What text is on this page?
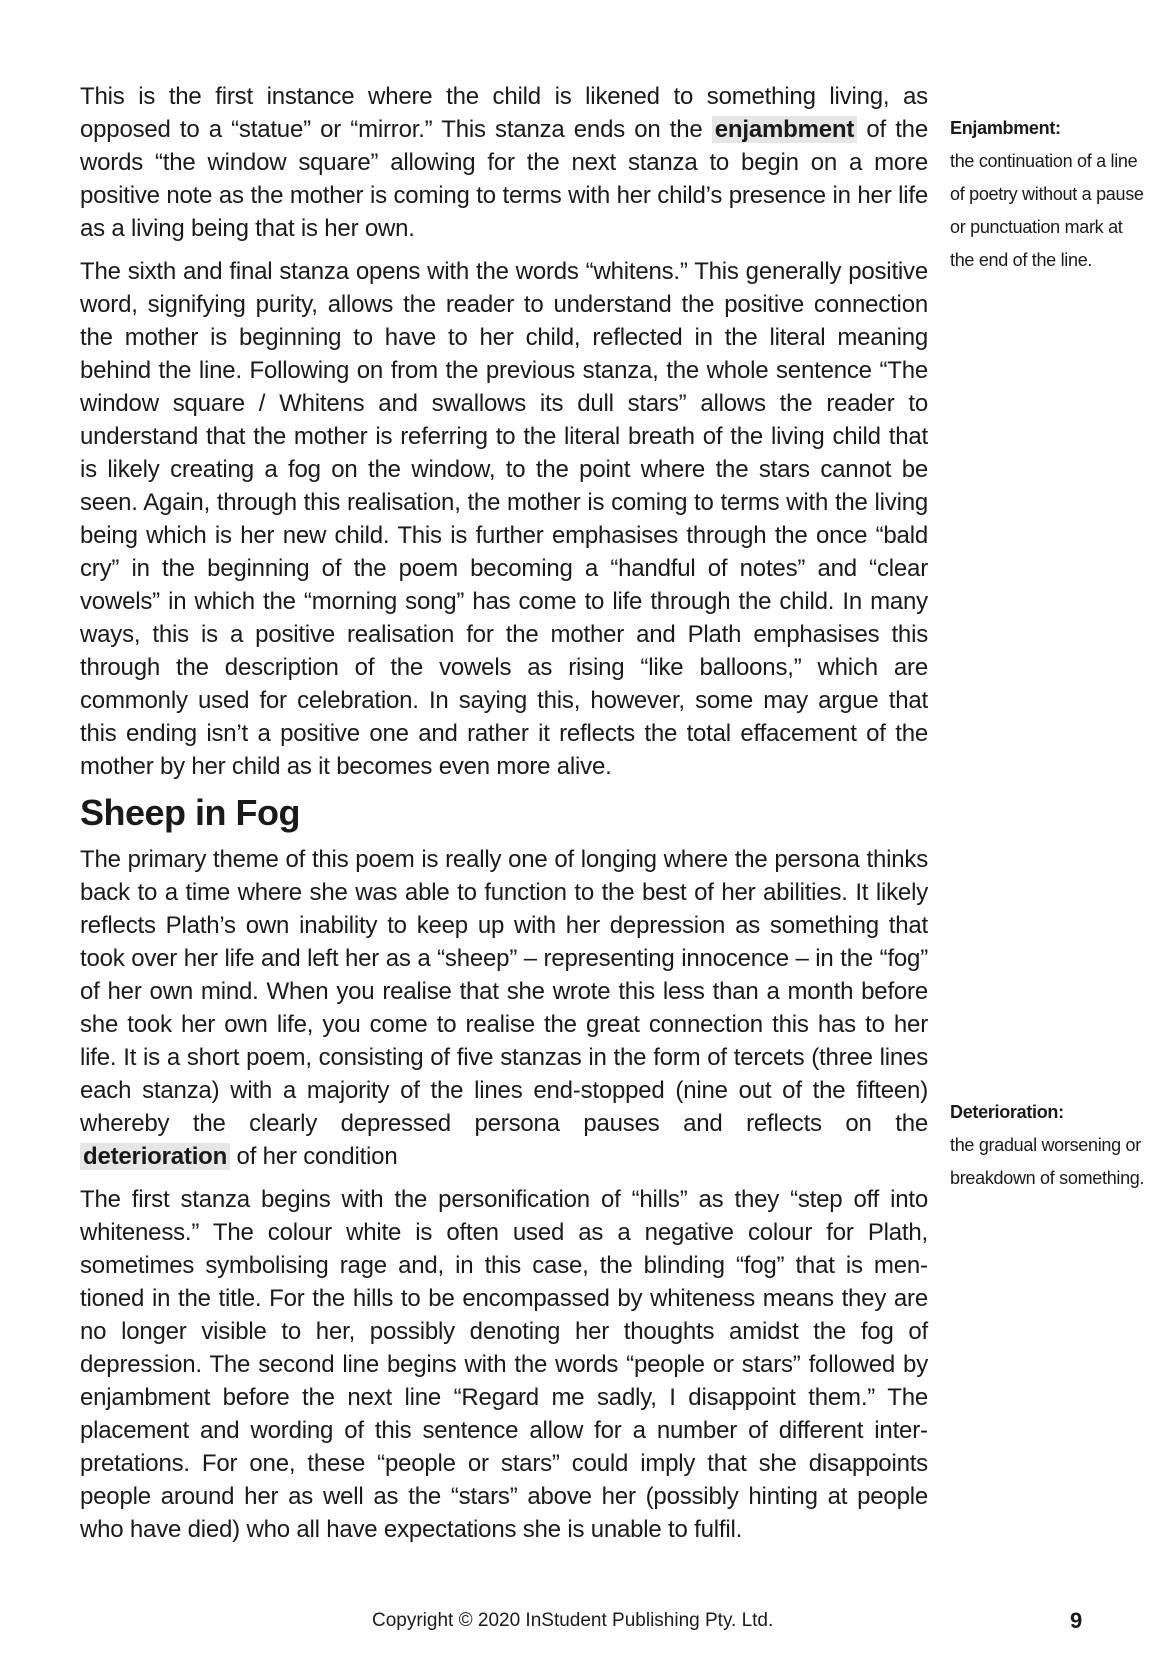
This is the first instance where the child is likened to something living, as opposed to a “statue” or “mirror.” This stanza ends on the enjambment of the words “the window square” allowing for the next stanza to begin on a more positive note as the mother is coming to terms with her child’s presence in her life as a living being that is her own.

The sixth and final stanza opens with the words “whitens.” This generally positive word, signifying purity, allows the reader to understand the positive connection the mother is beginning to have to her child, reflected in the literal meaning behind the line. Following on from the previous stanza, the whole sentence “The window square / Whitens and swallows its dull stars” allows the reader to understand that the mother is referring to the literal breath of the living child that is likely creating a fog on the window, to the point where the stars cannot be seen. Again, through this realisation, the mother is coming to terms with the living being which is her new child. This is further emphasises through the once “bald cry” in the beginning of the poem becoming a “handful of notes” and “clear vowels” in which the “morning song” has come to life through the child. In many ways, this is a positive realisation for the mother and Plath emphasises this through the description of the vowels as rising “like balloons,” which are commonly used for celebration. In saying this, however, some may argue that this ending isn’t a positive one and rather it reflects the total effacement of the mother by her child as it becomes even more alive.

Sheep in Fog

The primary theme of this poem is really one of longing where the persona thinks back to a time where she was able to function to the best of her abilities. It likely reflects Plath’s own inability to keep up with her depression as something that took over her life and left her as a “sheep” – representing innocence – in the “fog” of her own mind. When you realise that she wrote this less than a month before she took her own life, you come to realise the great connection this has to her life. It is a short poem, consisting of five stanzas in the form of tercets (three lines each stanza) with a majority of the lines end-stopped (nine out of the fifteen) whereby the clearly depressed persona pauses and reflects on the deterioration of her condition

The first stanza begins with the personification of “hills” as they “step off into whiteness.” The colour white is often used as a negative colour for Plath, sometimes symbolising rage and, in this case, the blinding “fog” that is mentioned in the title. For the hills to be encompassed by whiteness means they are no longer visible to her, possibly denoting her thoughts amidst the fog of depression. The second line begins with the words “people or stars” followed by enjambment before the next line “Regard me sadly, I disappoint them.” The placement and wording of this sentence allow for a number of different interpretations. For one, these “people or stars” could imply that she disappoints people around her as well as the “stars” above her (possibly hinting at people who have died) who all have expectations she is unable to fulfil.

Enjambment:
the continuation of a line of poetry without a pause or punctuation mark at the end of the line.
Deterioration:
the gradual worsening or breakdown of something.
Copyright © 2020 InStudent Publishing Pty. Ltd.	9
